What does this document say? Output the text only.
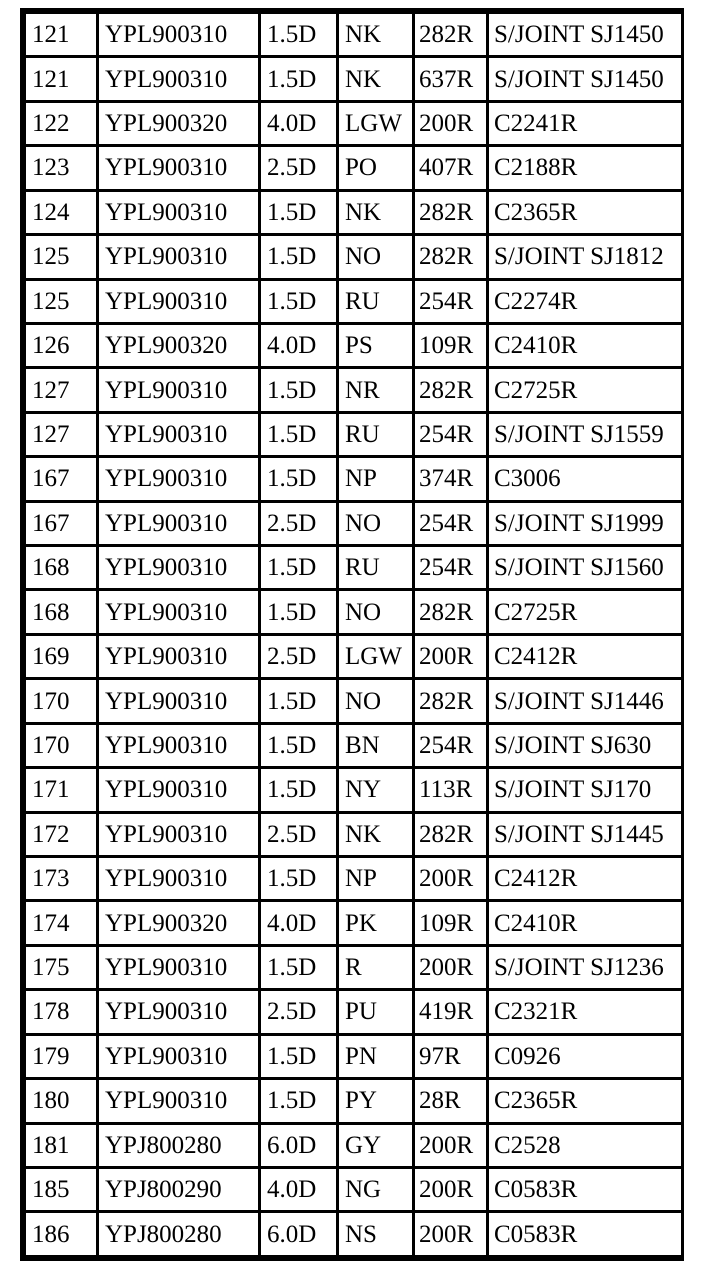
121	YPL900310	1.5D	NK	282R	S/JOINT SJ1450
121	YPL900310	1.5D	NK	637R	S/JOINT SJ1450
122	YPL900320	4.0D	LGW	200R	C2241R
123	YPL900310	2.5D	PO	407R	C2188R
124	YPL900310	1.5D	NK	282R	C2365R
125	YPL900310	1.5D	NO	282R	S/JOINT SJ1812
125	YPL900310	1.5D	RU	254R	C2274R
126	YPL900320	4.0D	PS	109R	C2410R
127	YPL900310	1.5D	NR	282R	C2725R
127	YPL900310	1.5D	RU	254R	S/JOINT SJ1559
167	YPL900310	1.5D	NP	374R	C3006
167	YPL900310	2.5D	NO	254R	S/JOINT SJ1999
168	YPL900310	1.5D	RU	254R	S/JOINT SJ1560
168	YPL900310	1.5D	NO	282R	C2725R
169	YPL900310	2.5D	LGW	200R	C2412R
170	YPL900310	1.5D	NO	282R	S/JOINT SJ1446
170	YPL900310	1.5D	BN	254R	S/JOINT SJ630
171	YPL900310	1.5D	NY	113R	S/JOINT SJ170
172	YPL900310	2.5D	NK	282R	S/JOINT SJ1445
173	YPL900310	1.5D	NP	200R	C2412R
174	YPL900320	4.0D	PK	109R	C2410R
175	YPL900310	1.5D	R	200R	S/JOINT SJ1236
178	YPL900310	2.5D	PU	419R	C2321R
179	YPL900310	1.5D	PN	97R	C0926
180	YPL900310	1.5D	PY	28R	C2365R
181	YPJ800280	6.0D	GY	200R	C2528
185	YPJ800290	4.0D	NG	200R	C0583R
186	YPJ800280	6.0D	NS	200R	C0583R
